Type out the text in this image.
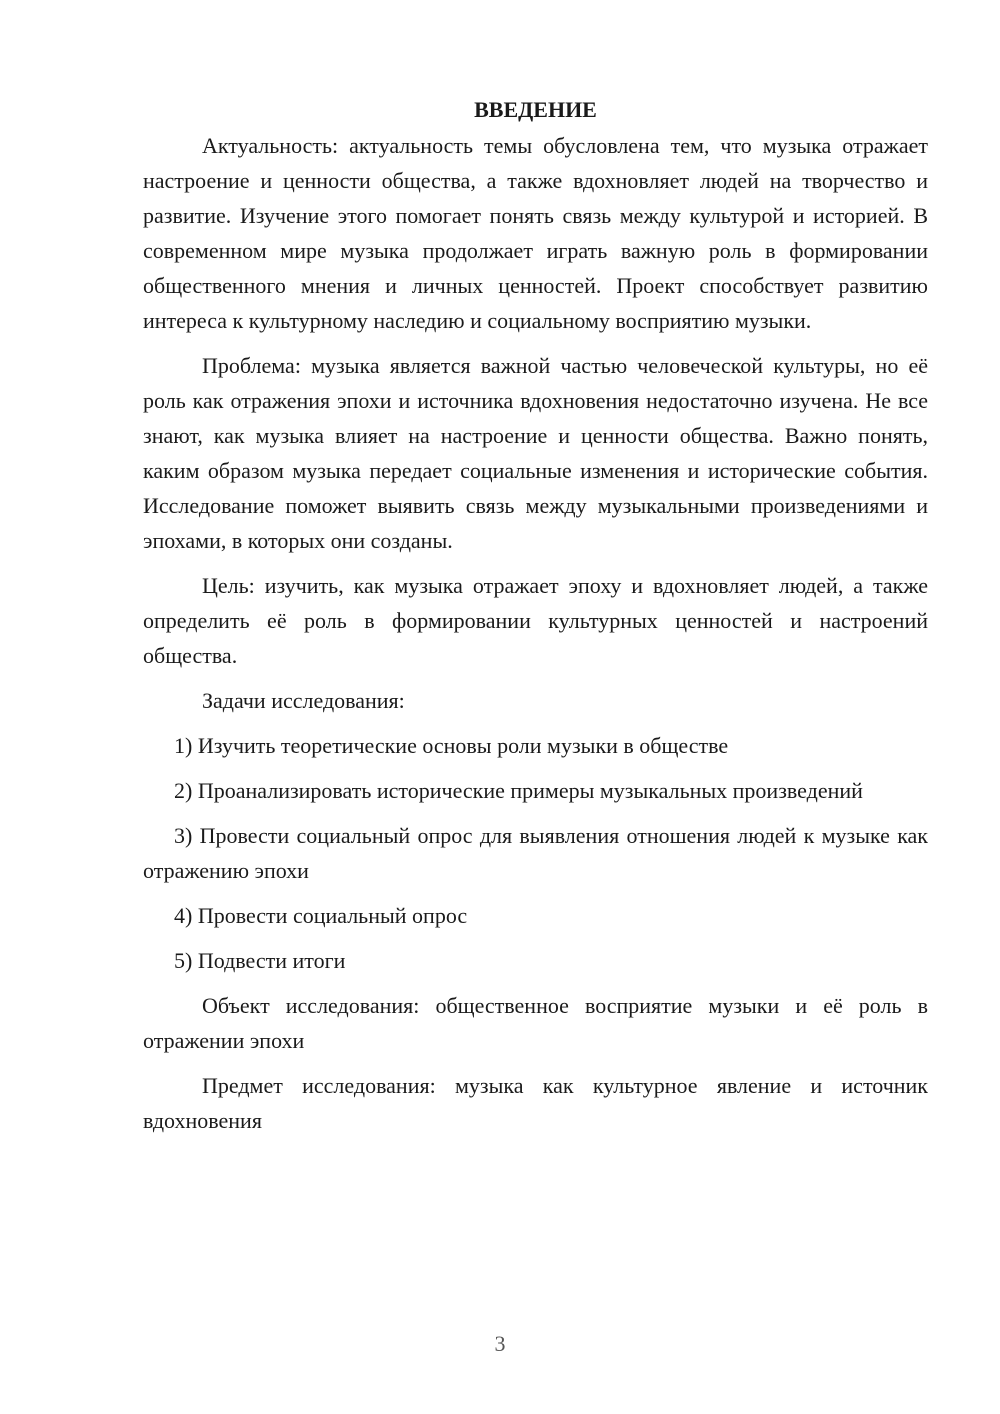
ВВЕДЕНИЕ

Актуальность: актуальность темы обусловлена тем, что музыка отражает настроение и ценности общества, а также вдохновляет людей на творчество и развитие. Изучение этого помогает понять связь между культурой и историей. В современном мире музыка продолжает играть важную роль в формировании общественного мнения и личных ценностей. Проект способствует развитию интереса к культурному наследию и социальному восприятию музыки.

Проблема: музыка является важной частью человеческой культуры, но её роль как отражения эпохи и источника вдохновения недостаточно изучена. Не все знают, как музыка влияет на настроение и ценности общества. Важно понять, каким образом музыка передает социальные изменения и исторические события. Исследование поможет выявить связь между музыкальными произведениями и эпохами, в которых они созданы.

Цель: изучить, как музыка отражает эпоху и вдохновляет людей, а также определить её роль в формировании культурных ценностей и настроений общества.

Задачи исследования:

1) Изучить теоретические основы роли музыки в обществе

2) Проанализировать исторические примеры музыкальных произведений

3) Провести социальный опрос для выявления отношения людей к музыке как отражению эпохи

4) Провести социальный опрос

5) Подвести итоги

Объект исследования: общественное восприятие музыки и её роль в отражении эпохи

Предмет исследования: музыка как культурное явление и источник вдохновения

3
